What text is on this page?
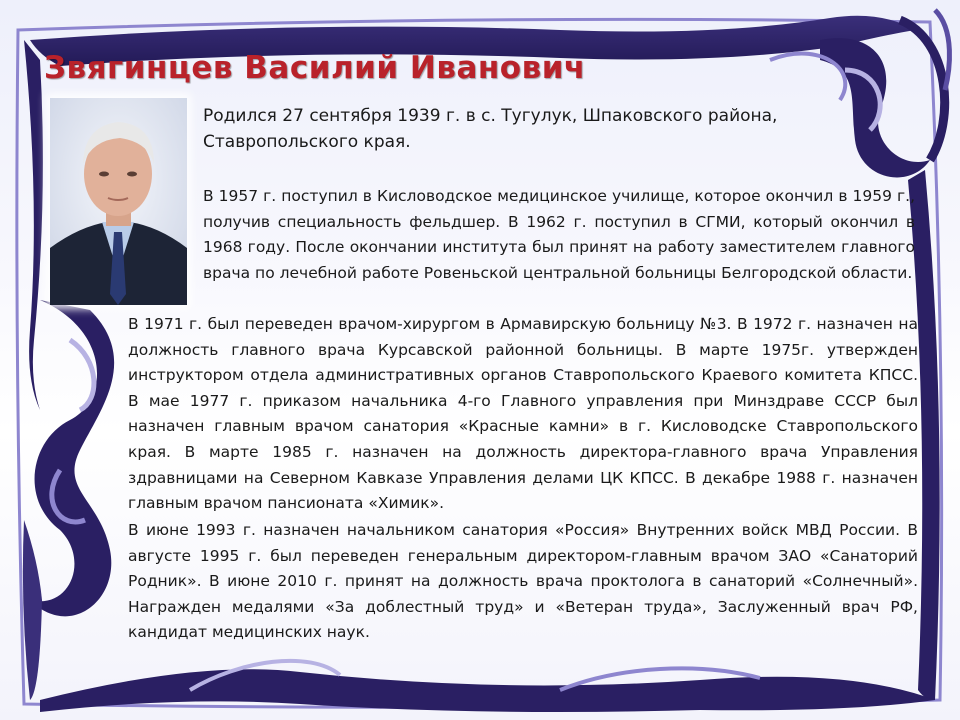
Звягинцев Василий Иванович

Родился 27 сентября 1939 г. в с. Тугулук, Шпаковского района, Ставропольского края.

В 1957 г. поступил в Кисловодское медицинское училище, которое окончил в 1959 г., получив специальность фельдшер. В 1962 г. поступил в СГМИ, который окончил в 1968 году. После окончании института был принят на работу заместителем главного врача по лечебной работе Ровеньской центральной больницы Белгородской области.

В 1971 г. был переведен врачом-хирургом в Армавирскую больницу №3. В 1972 г. назначен на должность главного врача Курсавской районной больницы. В марте 1975г. утвержден инструктором отдела административных органов Ставропольского Краевого комитета КПСС. В мае 1977 г. приказом начальника 4-го Главного управления при Минздраве СССР был назначен главным врачом санатория «Красные камни» в г. Кисловодске Ставропольского края. В марте 1985 г. назначен на должность директора-главного врача Управления здравницами на Северном Кавказе Управления делами ЦК КПСС. В декабре 1988 г. назначен главным врачом пансионата «Химик».

В июне 1993 г. назначен начальником санатория «Россия» Внутренних войск МВД России. В августе 1995 г. был переведен генеральным директором-главным врачом ЗАО «Санаторий Родник». В июне 2010 г. принят на должность врача проктолога в санаторий «Солнечный». Награжден медалями «За доблестный труд» и «Ветеран труда», Заслуженный врач РФ, кандидат медицинских наук.
